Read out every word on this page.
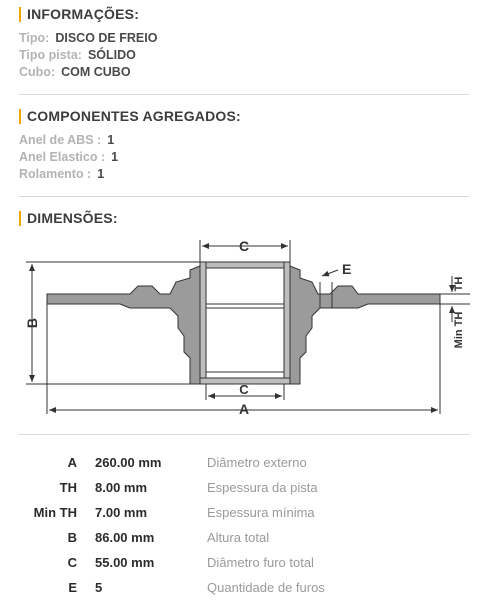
INFORMAÇÕES:
Tipo: DISCO DE FREIO
Tipo pista: SÓLIDO
Cubo: COM CUBO
COMPONENTES AGREGADOS:
Anel de ABS : 1
Anel Elastico : 1
Rolamento : 1
DIMENSÕES:
C
C
A
B
E
TH
Min TH
A 260.00 mm	Diâmetro externo
TH 8.00 mm	Espessura da pista
Min TH 7.00 mm	Espessura mínima
B 86.00 mm	Altura total
C 55.00 mm	Diâmetro furo total
E 5	Quantidade de furos
